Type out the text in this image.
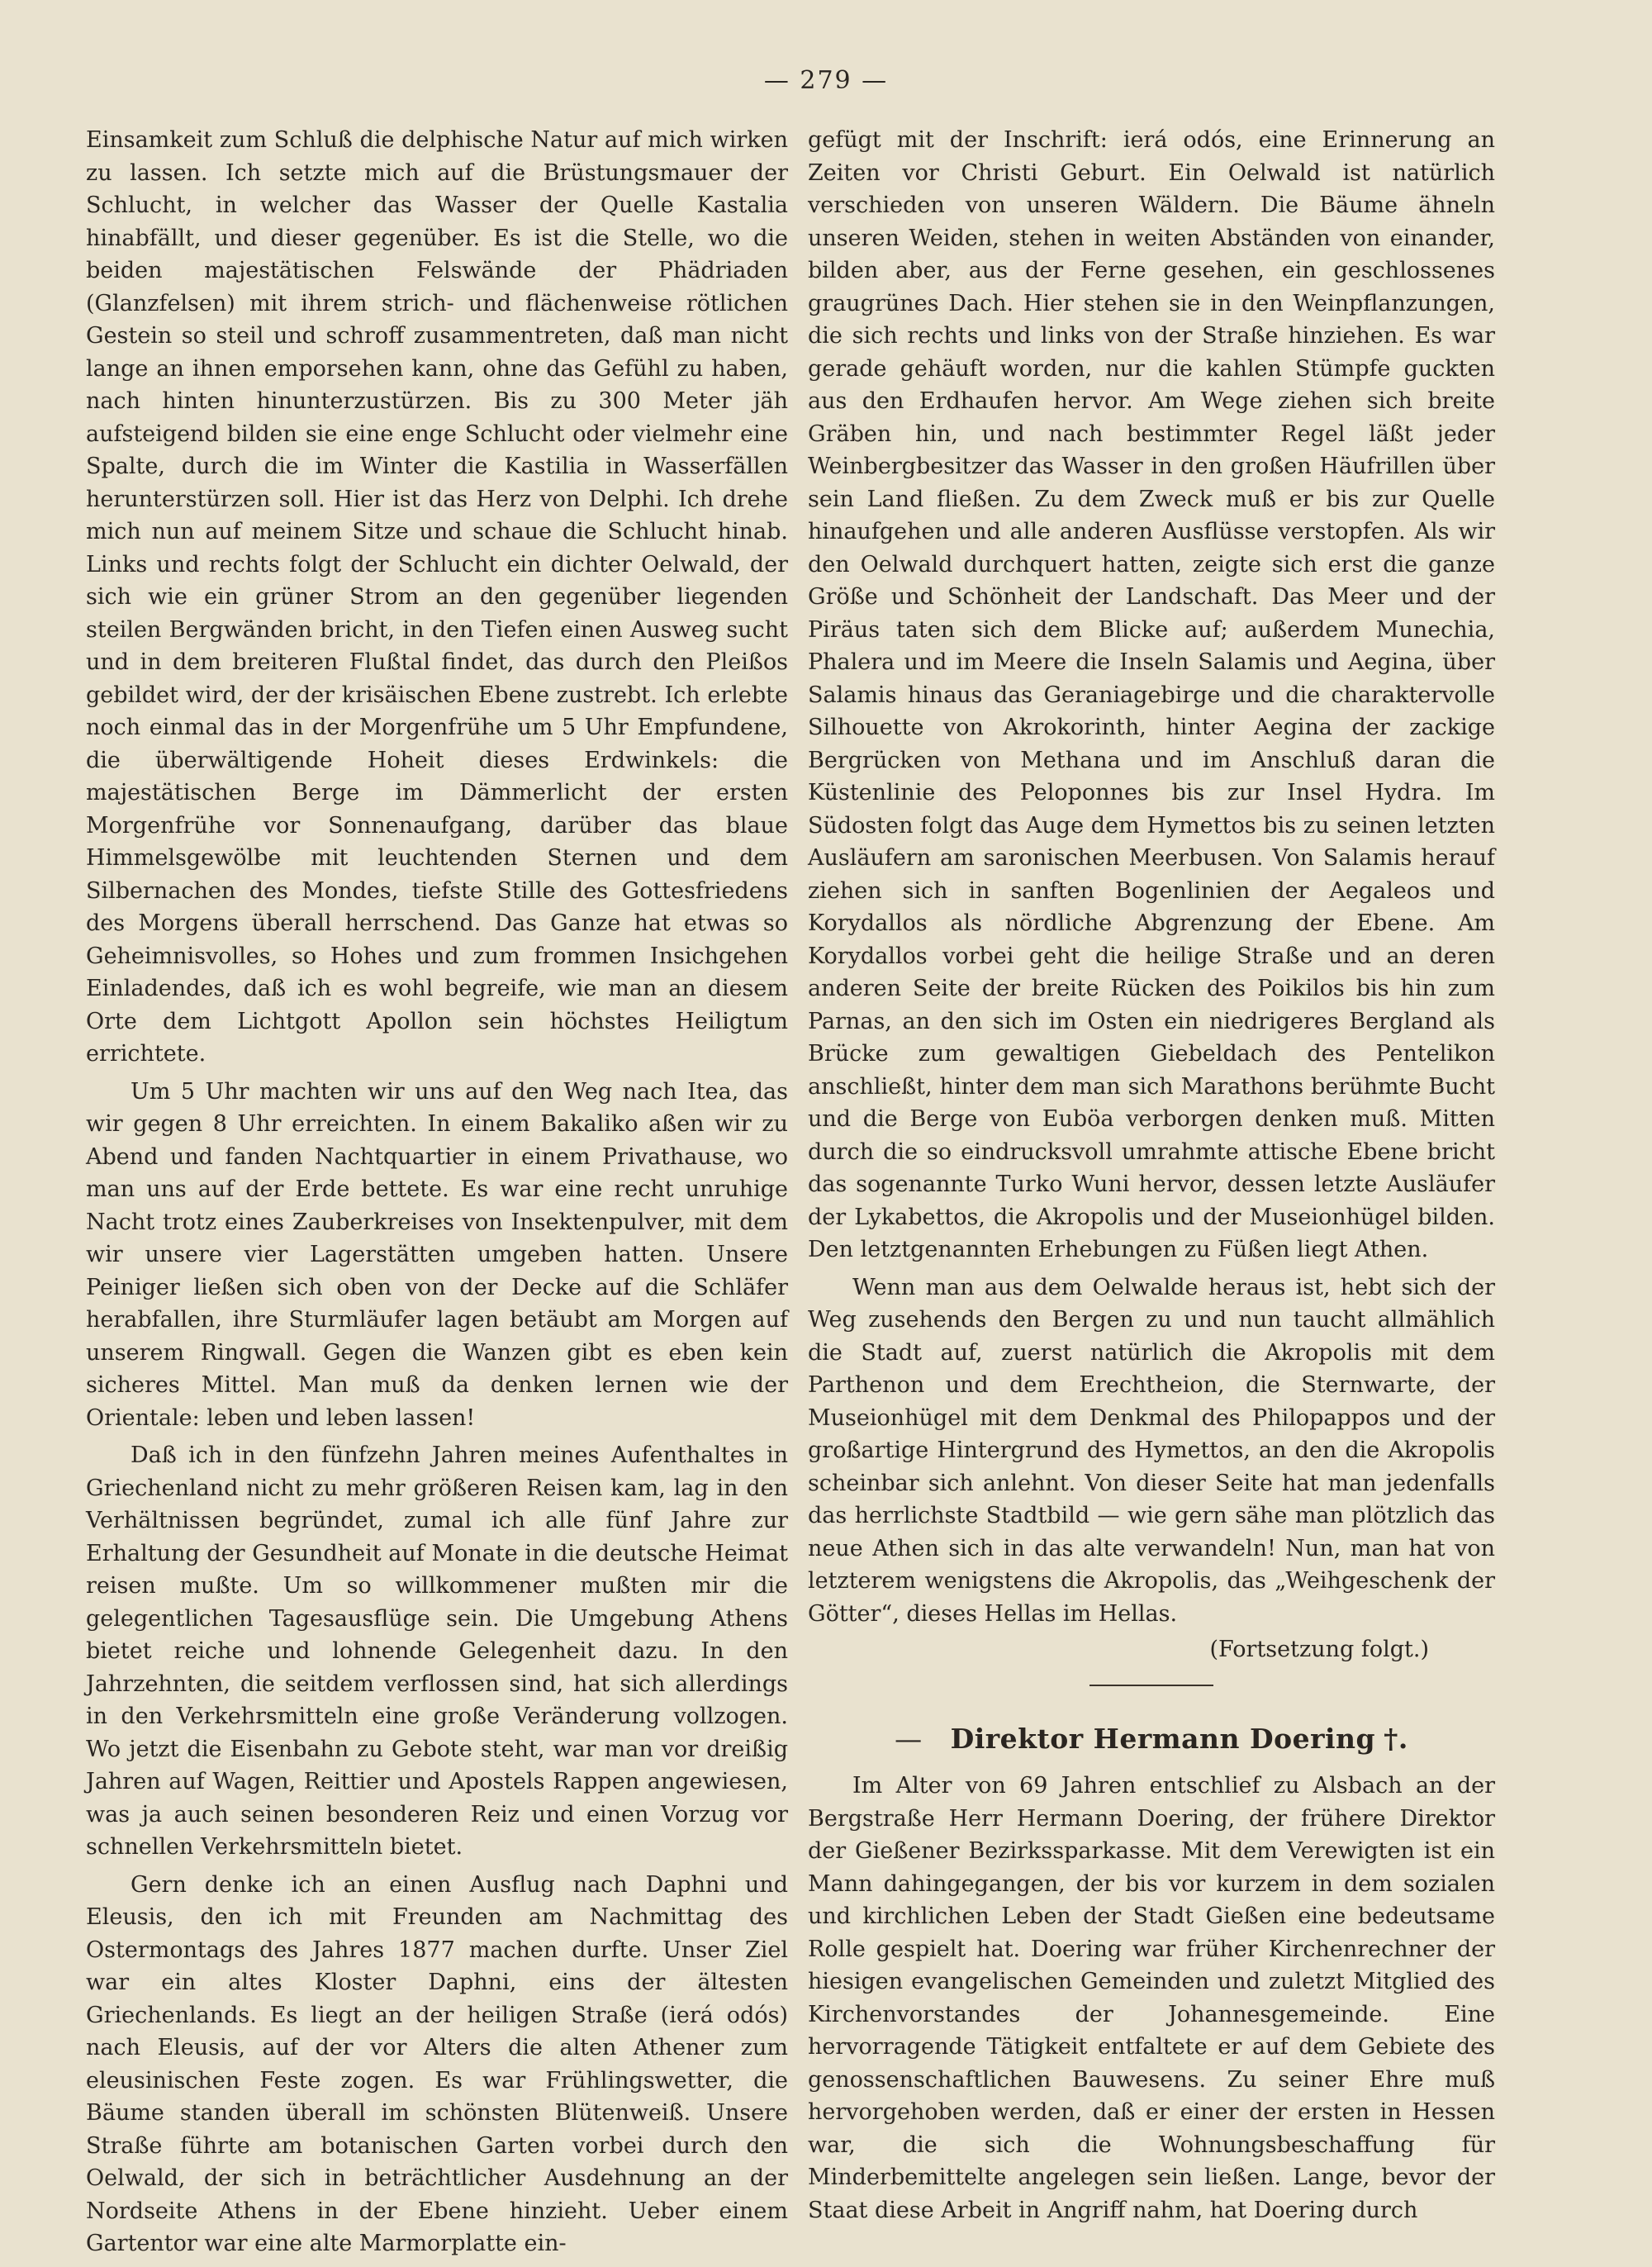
— 279 —

Einsamkeit zum Schluß die delphische Natur auf mich wirken zu lassen. Ich setzte mich auf die Brüstungsmauer der Schlucht, in welcher das Wasser der Quelle Kastalia hinabfällt, und dieser gegenüber. Es ist die Stelle, wo die beiden majestätischen Felswände der Phädriaden (Glanzfelsen) mit ihrem strich- und flächenweise rötlichen Gestein so steil und schroff zusammentreten, daß man nicht lange an ihnen emporsehen kann, ohne das Gefühl zu haben, nach hinten hinunterzustürzen. Bis zu 300 Meter jäh aufsteigend bilden sie eine enge Schlucht oder vielmehr eine Spalte, durch die im Winter die Kastilia in Wasserfällen herunterstürzen soll. Hier ist das Herz von Delphi. Ich drehe mich nun auf meinem Sitze und schaue die Schlucht hinab. Links und rechts folgt der Schlucht ein dichter Oelwald, der sich wie ein grüner Strom an den gegenüber liegenden steilen Bergwänden bricht, in den Tiefen einen Ausweg sucht und in dem breiteren Flußtal findet, das durch den Pleißos gebildet wird, der der krisäischen Ebene zustrebt. Ich erlebte noch einmal das in der Morgenfrühe um 5 Uhr Empfundene, die überwältigende Hoheit dieses Erdwinkels: die majestätischen Berge im Dämmerlicht der ersten Morgenfrühe vor Sonnenaufgang, darüber das blaue Himmelsgewölbe mit leuchtenden Sternen und dem Silbernachen des Mondes, tiefste Stille des Gottesfriedens des Morgens überall herrschend. Das Ganze hat etwas so Geheimnisvolles, so Hohes und zum frommen Insichgehen Einladendes, daß ich es wohl begreife, wie man an diesem Orte dem Lichtgott Apollon sein höchstes Heiligtum errichtete.

Um 5 Uhr machten wir uns auf den Weg nach Itea, das wir gegen 8 Uhr erreichten. In einem Bakaliko aßen wir zu Abend und fanden Nachtquartier in einem Privathause, wo man uns auf der Erde bettete. Es war eine recht unruhige Nacht trotz eines Zauberkreises von Insektenpulver, mit dem wir unsere vier Lagerstätten umgeben hatten. Unsere Peiniger ließen sich oben von der Decke auf die Schläfer herabfallen, ihre Sturmläufer lagen betäubt am Morgen auf unserem Ringwall. Gegen die Wanzen gibt es eben kein sicheres Mittel. Man muß da denken lernen wie der Orientale: leben und leben lassen!

Daß ich in den fünfzehn Jahren meines Aufenthaltes in Griechenland nicht zu mehr größeren Reisen kam, lag in den Verhältnissen begründet, zumal ich alle fünf Jahre zur Erhaltung der Gesundheit auf Monate in die deutsche Heimat reisen mußte. Um so willkommener mußten mir die gelegentlichen Tagesausflüge sein. Die Umgebung Athens bietet reiche und lohnende Gelegenheit dazu. In den Jahrzehnten, die seitdem verflossen sind, hat sich allerdings in den Verkehrsmitteln eine große Veränderung vollzogen. Wo jetzt die Eisenbahn zu Gebote steht, war man vor dreißig Jahren auf Wagen, Reittier und Apostels Rappen angewiesen, was ja auch seinen besonderen Reiz und einen Vorzug vor schnellen Verkehrsmitteln bietet.

Gern denke ich an einen Ausflug nach Daphni und Eleusis, den ich mit Freunden am Nachmittag des Ostermontags des Jahres 1877 machen durfte. Unser Ziel war ein altes Kloster Daphni, eins der ältesten Griechenlands. Es liegt an der heiligen Straße (ierá odós) nach Eleusis, auf der vor Alters die alten Athener zum eleusinischen Feste zogen. Es war Frühlingswetter, die Bäume standen überall im schönsten Blütenweiß. Unsere Straße führte am botanischen Garten vorbei durch den Oelwald, der sich in beträchtlicher Ausdehnung an der Nordseite Athens in der Ebene hinzieht. Ueber einem Gartentor war eine alte Marmorplatte ein-

gefügt mit der Inschrift: ierá odós, eine Erinnerung an Zeiten vor Christi Geburt. Ein Oelwald ist natürlich verschieden von unseren Wäldern. Die Bäume ähneln unseren Weiden, stehen in weiten Abständen von einander, bilden aber, aus der Ferne gesehen, ein geschlossenes graugrünes Dach. Hier stehen sie in den Weinpflanzungen, die sich rechts und links von der Straße hinziehen. Es war gerade gehäuft worden, nur die kahlen Stümpfe guckten aus den Erdhaufen hervor. Am Wege ziehen sich breite Gräben hin, und nach bestimmter Regel läßt jeder Weinbergbesitzer das Wasser in den großen Häufrillen über sein Land fließen. Zu dem Zweck muß er bis zur Quelle hinaufgehen und alle anderen Ausflüsse verstopfen. Als wir den Oelwald durchquert hatten, zeigte sich erst die ganze Größe und Schönheit der Landschaft. Das Meer und der Piräus taten sich dem Blicke auf; außerdem Munechia, Phalera und im Meere die Inseln Salamis und Aegina, über Salamis hinaus das Geraniagebirge und die charaktervolle Silhouette von Akrokorinth, hinter Aegina der zackige Bergrücken von Methana und im Anschluß daran die Küstenlinie des Peloponnes bis zur Insel Hydra. Im Südosten folgt das Auge dem Hymettos bis zu seinen letzten Ausläufern am saronischen Meerbusen. Von Salamis herauf ziehen sich in sanften Bogenlinien der Aegaleos und Korydallos als nördliche Abgrenzung der Ebene. Am Korydallos vorbei geht die heilige Straße und an deren anderen Seite der breite Rücken des Poikilos bis hin zum Parnas, an den sich im Osten ein niedrigeres Bergland als Brücke zum gewaltigen Giebeldach des Pentelikon anschließt, hinter dem man sich Marathons berühmte Bucht und die Berge von Euböa verborgen denken muß. Mitten durch die so eindrucksvoll umrahmte attische Ebene bricht das sogenannte Turko Wuni hervor, dessen letzte Ausläufer der Lykabettos, die Akropolis und der Museionhügel bilden. Den letztgenannten Erhebungen zu Füßen liegt Athen.

Wenn man aus dem Oelwalde heraus ist, hebt sich der Weg zusehends den Bergen zu und nun taucht allmählich die Stadt auf, zuerst natürlich die Akropolis mit dem Parthenon und dem Erechtheion, die Sternwarte, der Museionhügel mit dem Denkmal des Philopappos und der großartige Hintergrund des Hymettos, an den die Akropolis scheinbar sich anlehnt. Von dieser Seite hat man jedenfalls das herrlichste Stadtbild — wie gern sähe man plötzlich das neue Athen sich in das alte verwandeln! Nun, man hat von letzterem wenigstens die Akropolis, das „Weihgeschenk der Götter“, dieses Hellas im Hellas.

(Fortsetzung folgt.)

— Direktor Hermann Doering †.

Im Alter von 69 Jahren entschlief zu Alsbach an der Bergstraße Herr Hermann Doering, der frühere Direktor der Gießener Bezirkssparkasse. Mit dem Verewigten ist ein Mann dahingegangen, der bis vor kurzem in dem sozialen und kirchlichen Leben der Stadt Gießen eine bedeutsame Rolle gespielt hat. Doering war früher Kirchenrechner der hiesigen evangelischen Gemeinden und zuletzt Mitglied des Kirchenvorstandes der Johannesgemeinde. Eine hervorragende Tätigkeit entfaltete er auf dem Gebiete des genossenschaftlichen Bauwesens. Zu seiner Ehre muß hervorgehoben werden, daß er einer der ersten in Hessen war, die sich die Wohnungsbeschaffung für Minderbemittelte angelegen sein ließen. Lange, bevor der Staat diese Arbeit in Angriff nahm, hat Doering durch
